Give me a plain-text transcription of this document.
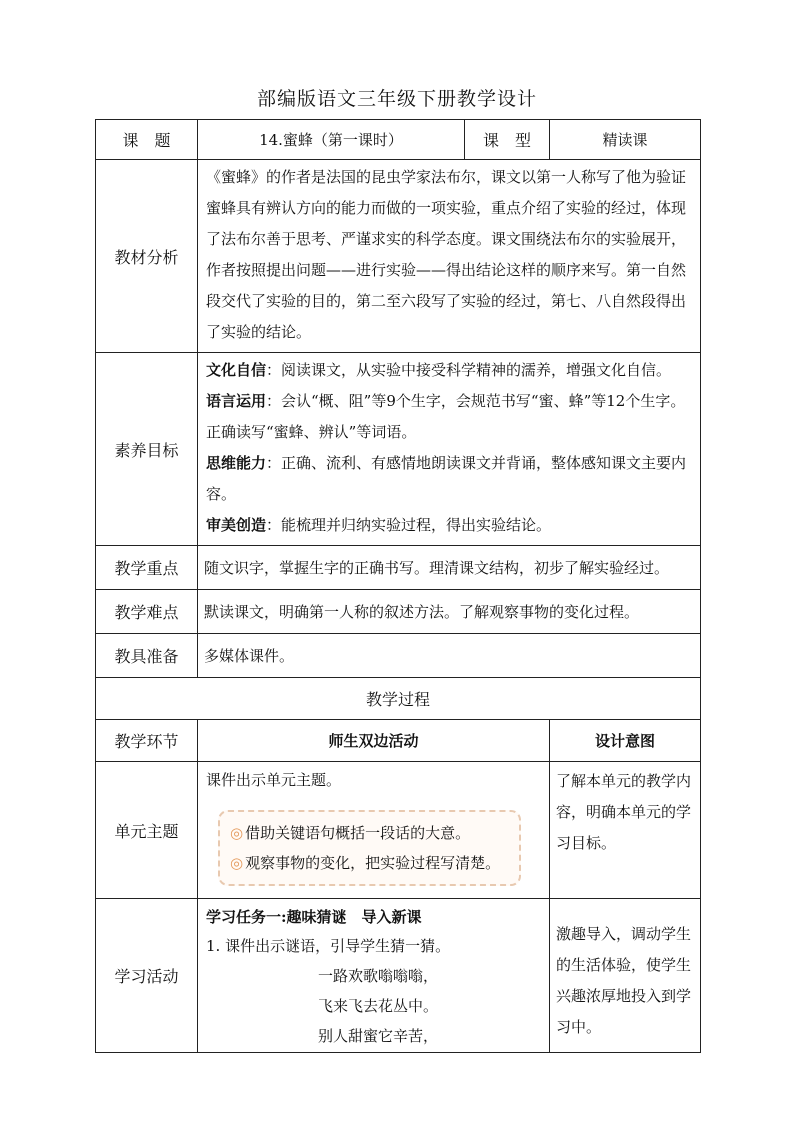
部编版语文三年级下册教学设计
课　题	14.蜜蜂（第一课时）	课　型	精读课
教材分析	《蜜蜂》的作者是法国的昆虫学家法布尔，课文以第一人称写了他为验证蜜蜂具有辨认方向的能力而做的一项实验，重点介绍了实验的经过，体现了法布尔善于思考、严谨求实的科学态度。课文围绕法布尔的实验展开，作者按照提出问题——进行实验——得出结论这样的顺序来写。第一自然段交代了实验的目的，第二至六段写了实验的经过，第七、八自然段得出了实验的结论。		
素养目标	文化自信：阅读课文，从实验中接受科学精神的濡养，增强文化自信。
语言运用：会认“概、阻”等9个生字，会规范书写“蜜、蜂”等12个生字。正确读写“蜜蜂、辨认”等词语。
思维能力：正确、流利、有感情地朗读课文并背诵，整体感知课文主要内容。
审美创造：能梳理并归纳实验过程，得出实验结论。		

教学重点	随文识字，掌握生字的正确书写。理清课文结构，初步了解实验经过。		
教学难点	默读课文，明确第一人称的叙述方法。了解观察事物的变化过程。		
教具准备	多媒体课件。		
教学过程			
教学环节	师生双边活动		设计意图
单元主题	课件出示单元主题。
◎ 借助关键语句概括一段话的大意。
◎ 观察事物的变化，把实验过程写清楚。		了解本单元的教学内容，明确本单元的学习目标。
学习活动	学习任务一:趣味猜谜　导入新课
1. 课件出示谜语，引导学生猜一猜。
一路欢歌嗡嗡嗡，
飞来飞去花丛中。
别人甜蜜它辛苦，		激趣导入，调动学生的生活体验，使学生兴趣浓厚地投入到学习中。
